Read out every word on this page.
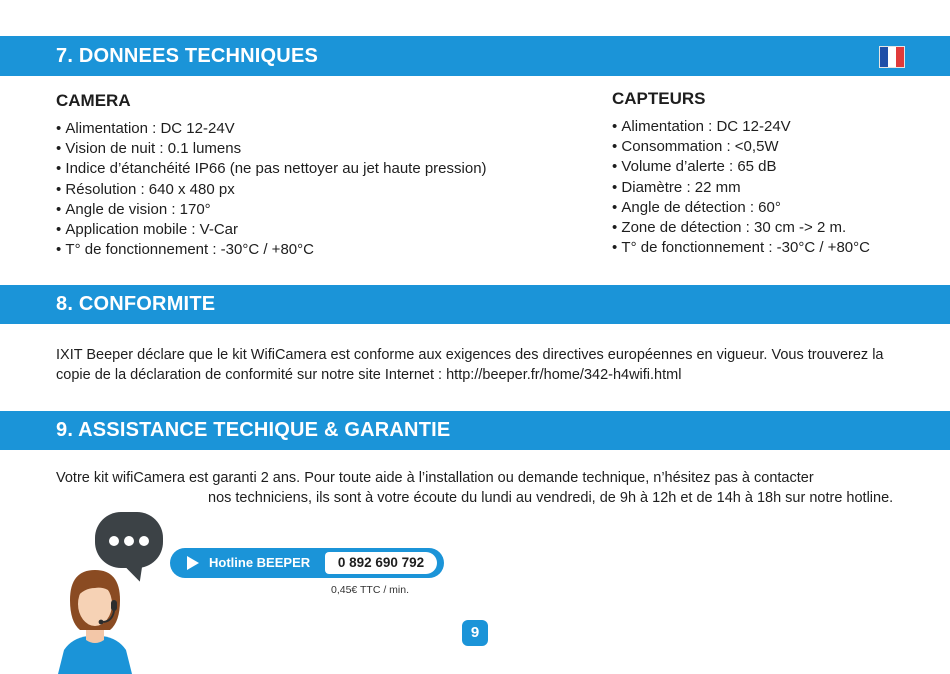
7. DONNEES TECHNIQUES
CAMERA
• Alimentation : DC 12-24V
• Vision de nuit : 0.1 lumens
• Indice d’étanchéité IP66 (ne pas nettoyer au jet haute pression)
• Résolution : 640 x 480 px
• Angle de vision : 170°
• Application mobile : V-Car
• T° de fonctionnement : -30°C / +80°C
CAPTEURS
• Alimentation : DC 12-24V
• Consommation : <0,5W
• Volume d’alerte : 65 dB
• Diamètre : 22 mm
• Angle de détection : 60°
• Zone de détection : 30 cm -> 2 m.
• T° de fonctionnement : -30°C / +80°C
8. CONFORMITE

IXIT Beeper déclare que le kit WifiCamera est conforme aux exigences des directives européennes en vigueur. Vous trouverez la copie de la déclaration de conformité sur notre site Internet : http://beeper.fr/home/342-h4wifi.html

9. ASSISTANCE TECHIQUE & GARANTIE

Votre kit wifiCamera est garanti 2 ans. Pour toute aide à l’installation ou demande technique, n’hésitez pas à contacter

nos techniciens, ils sont à votre écoute du lundi au vendredi, de 9h à 12h et de 14h à 18h sur notre hotline.

Hotline BEEPER	0 892 690 792
0,45€ TTC / min.
9
